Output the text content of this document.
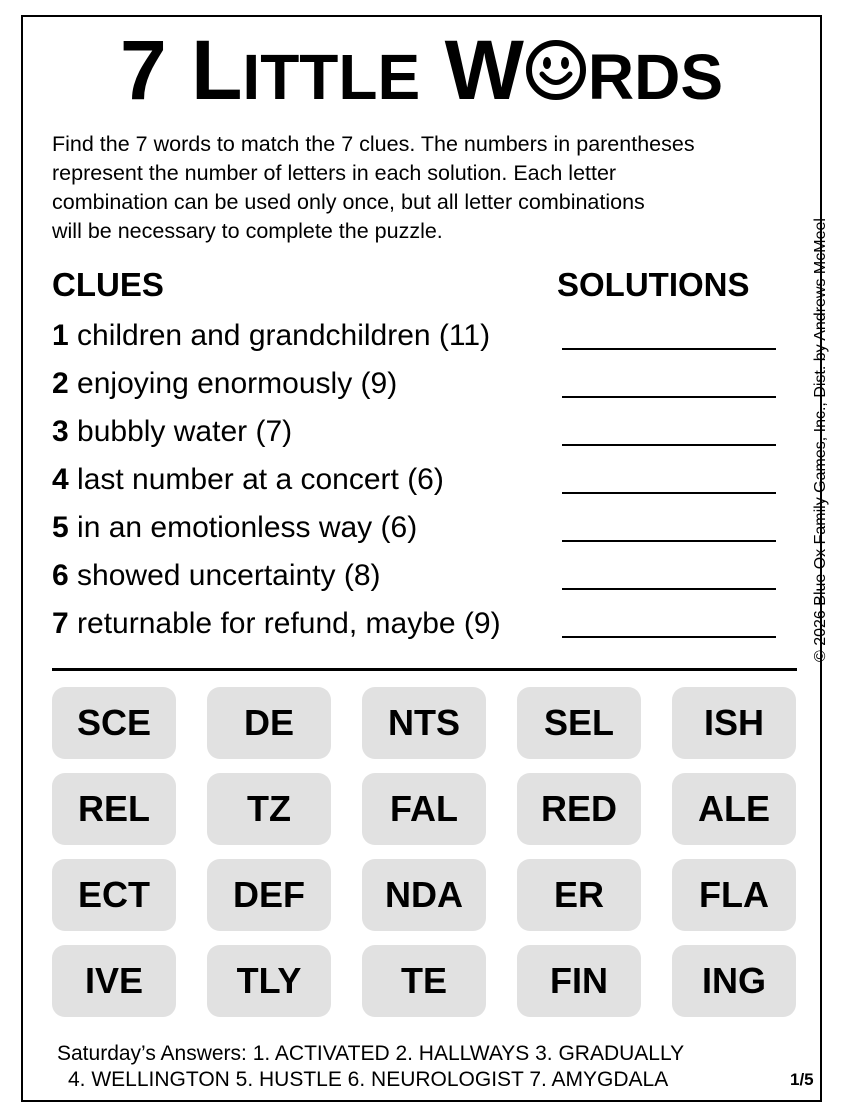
7 LITTLE W RDS

Find the 7 words to match the 7 clues. The numbers in parentheses

represent the number of letters in each solution. Each letter

combination can be used only once, but all letter combinations

will be necessary to complete the puzzle.

CLUES	SOLUTIONS
1 children and grandchildren (11)
2 enjoying enormously (9)
3 bubbly water (7)
4 last number at a concert (6)
5 in an emotionless way (6)
6 showed uncertainty (8)
7 returnable for refund, maybe (9)
SCE	DE	NTS	SEL	ISH
REL	TZ	FAL	RED	ALE
ECT	DEF	NDA	ER	FLA
IVE	TLY	TE	FIN	ING
© 2026 Blue Ox Family Games, Inc., Dist. by Andrews McMeel
Saturday’s Answers: 1. ACTIVATED 2. HALLWAYS 3. GRADUALLY
4. WELLINGTON 5. HUSTLE 6. NEUROLOGIST 7. AMYGDALA	1/5
